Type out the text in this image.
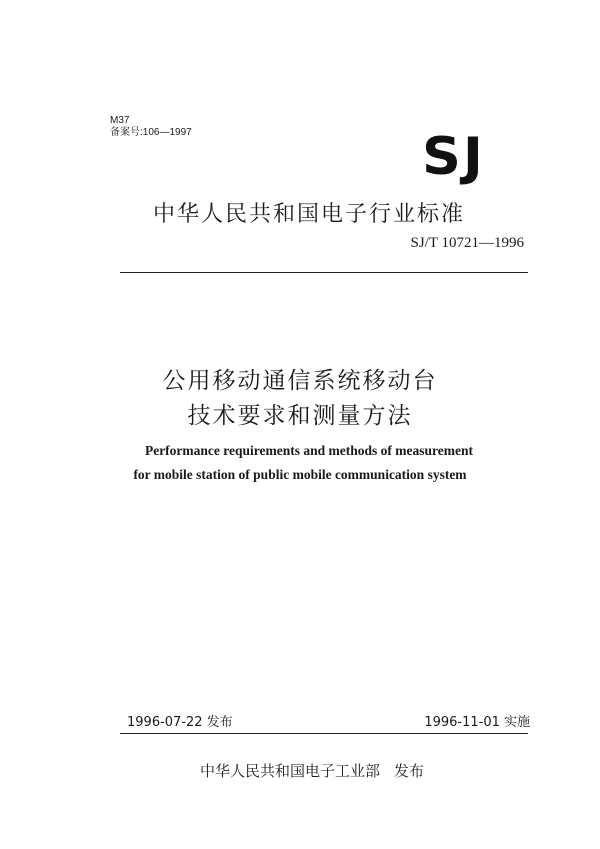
M37
备案号:106—1997	SJ
中华人民共和国电子行业标准
SJ/T 10721—1996
公用移动通信系统移动台
技术要求和测量方法
Performance requirements and methods of measurement
for mobile station of public mobile communication system
1996-07-22 发布	1996-11-01 实施
中华人民共和国电子工业部 发布
